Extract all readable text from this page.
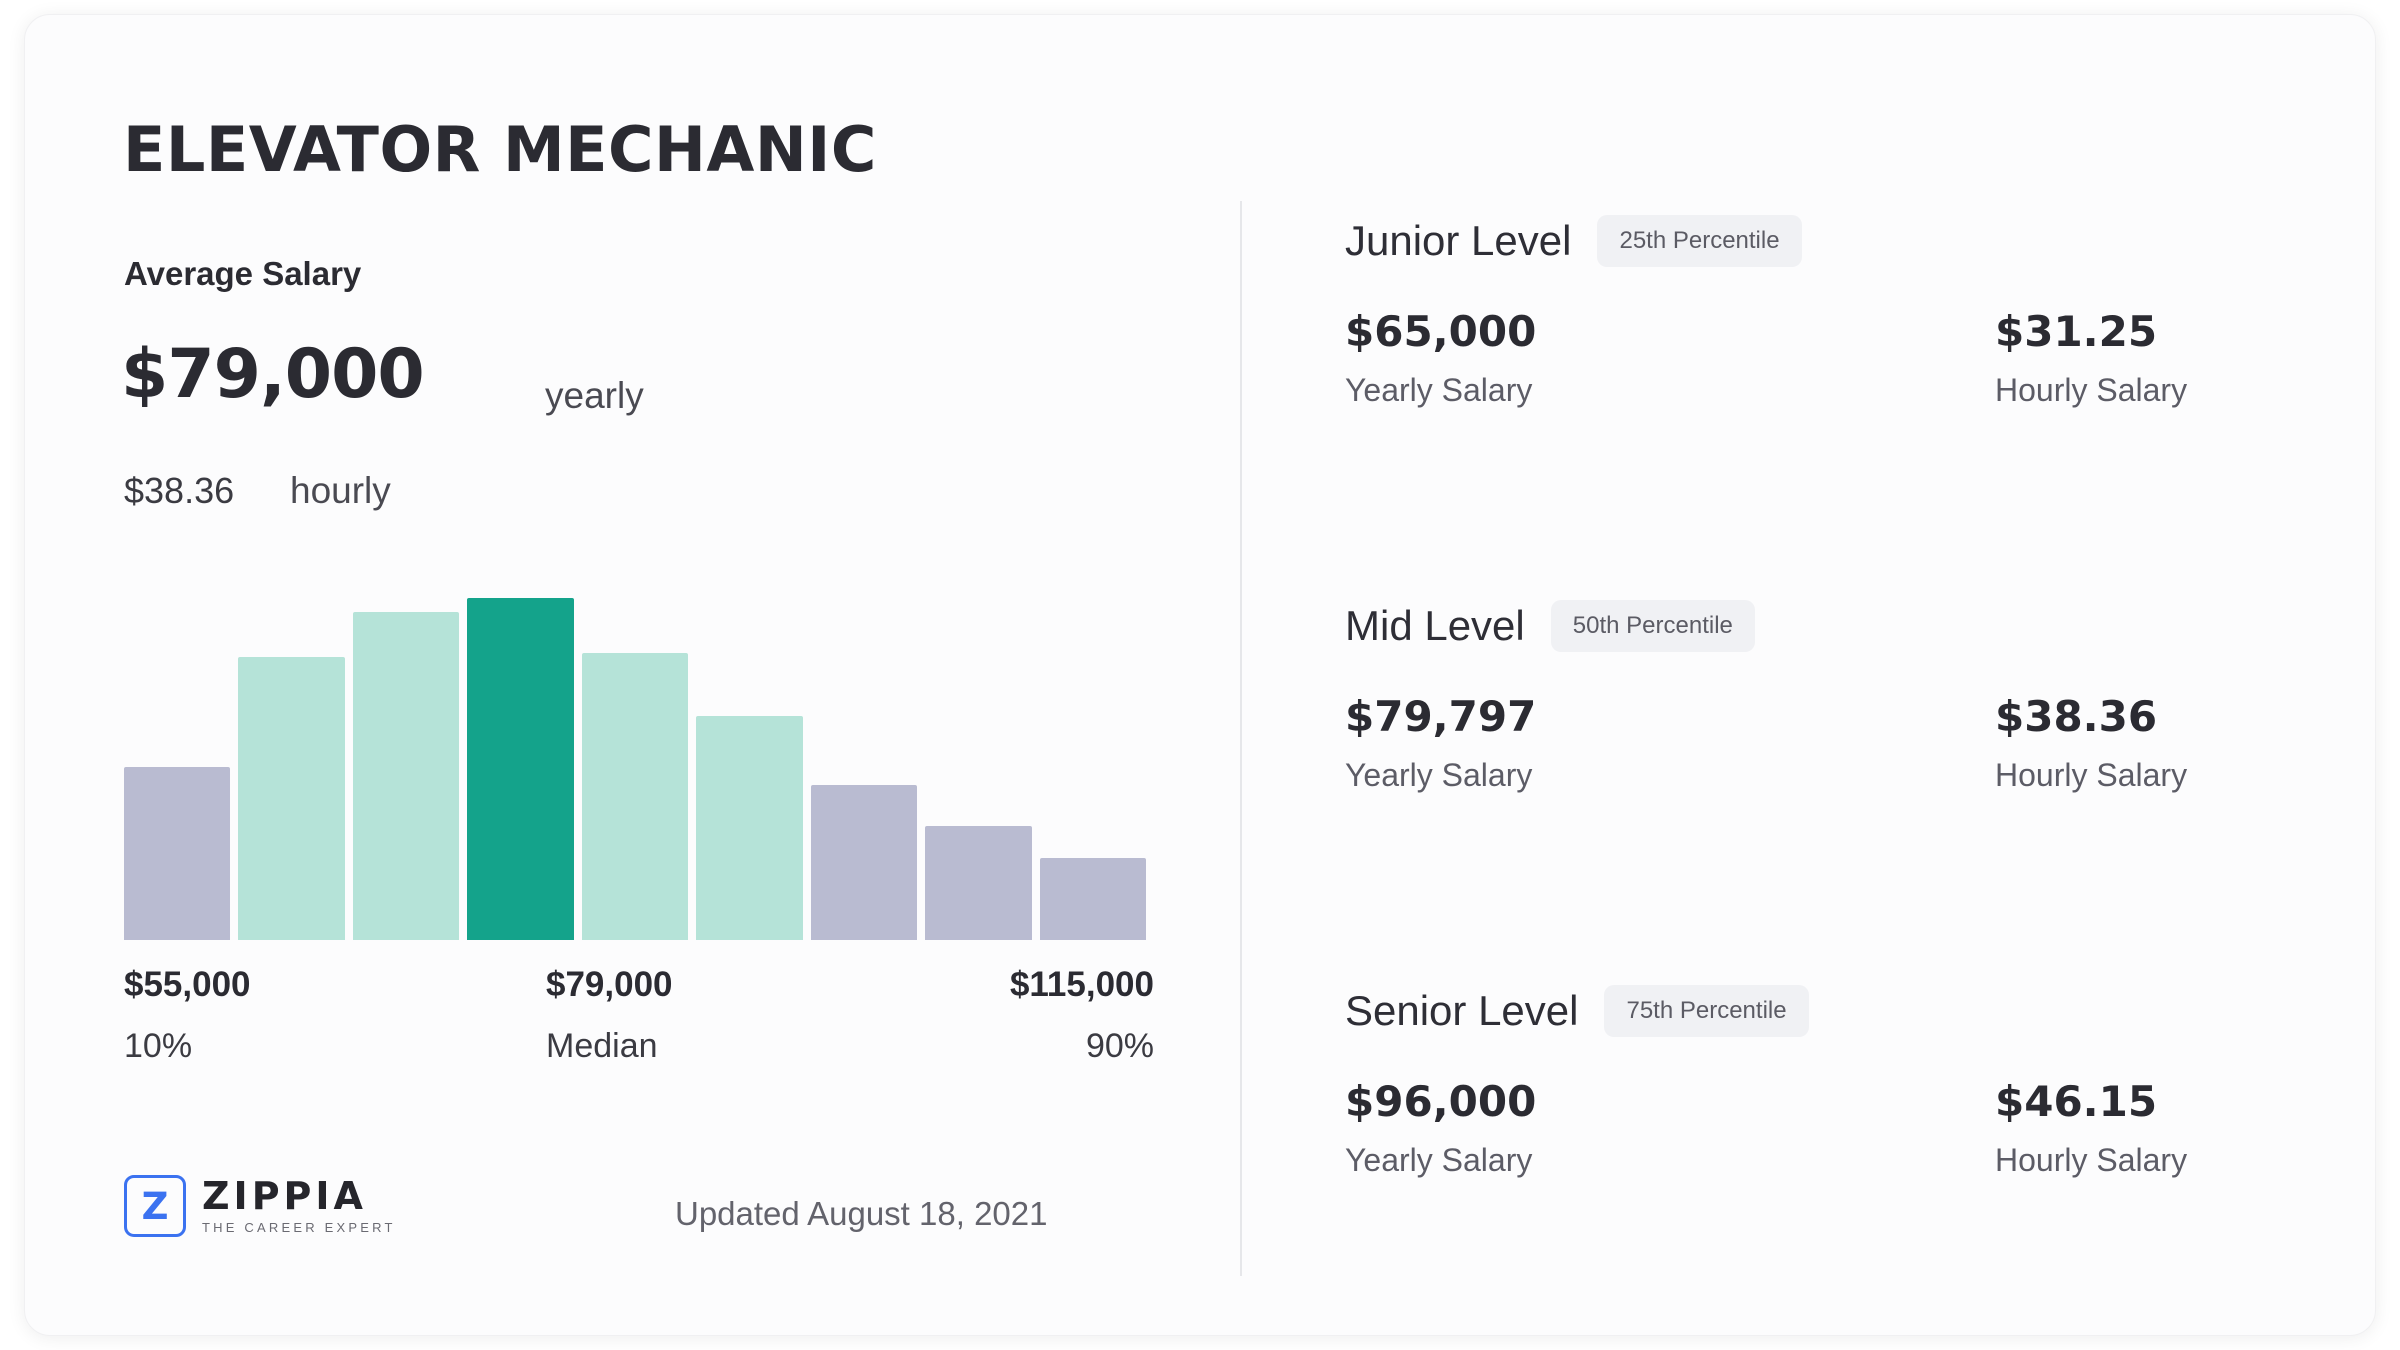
ELEVATOR MECHANIC
Average Salary
$79,000	yearly
$38.36 hourly
$55,000
10%
$79,000
Median
$115,000
90%
Z ZIPPIA
THE CAREER EXPERT	Updated August 18, 2021
Junior Level	25th Percentile
$65,000
Yearly Salary
$31.25
Hourly Salary
Mid Level	50th Percentile
$79,797
Yearly Salary
$38.36
Hourly Salary
Senior Level	75th Percentile
$96,000
Yearly Salary
$46.15
Hourly Salary
